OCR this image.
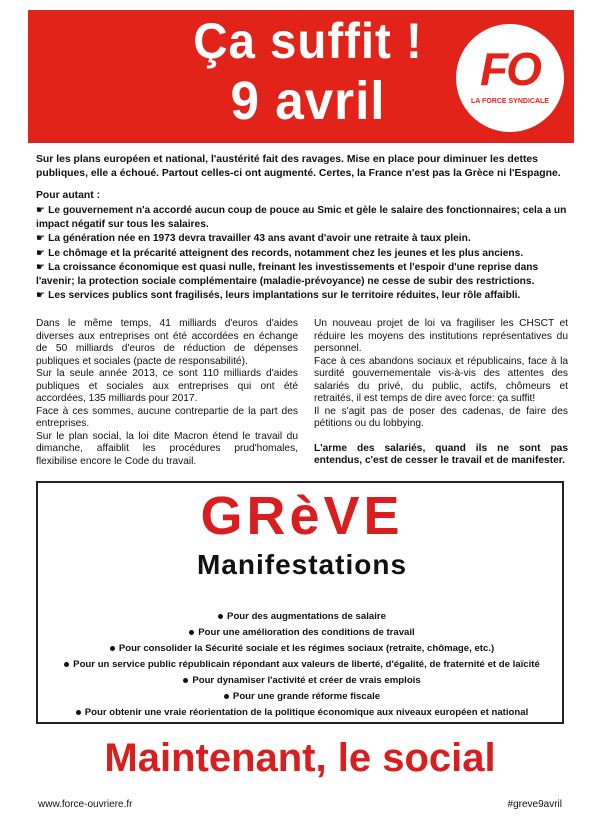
Ça suffit !
9 avril
FO
LA FORCE SYNDICALE
Sur les plans européen et national, l'austérité fait des ravages. Mise en place pour diminuer les dettes publiques, elle a échoué. Partout celles-ci ont augmenté. Certes, la France n'est pas la Grèce ni l'Espagne.
Pour autant :
☛ Le gouvernement n'a accordé aucun coup de pouce au Smic et gèle le salaire des fonctionnaires; cela a un impact négatif sur tous les salaires.
☛ La génération née en 1973 devra travailler 43 ans avant d'avoir une retraite à taux plein.
☛ Le chômage et la précarité atteignent des records, notamment chez les jeunes et les plus anciens.
☛ La croissance économique est quasi nulle, freinant les investissements et l'espoir d'une reprise dans l'avenir; la protection sociale complémentaire (maladie-prévoyance) ne cesse de subir des restrictions.
☛ Les services publics sont fragilisés, leurs implantations sur le territoire réduites, leur rôle affaibli.

Dans le même temps, 41 milliards d'euros d'aides diverses aux entreprises ont été accordées en échange de 50 milliards d'euros de réduction de dépenses publiques et sociales (pacte de responsabilité).

Sur la seule année 2013, ce sont 110 milliards d'aides publiques et sociales aux entreprises qui ont été accordées, 135 milliards pour 2017.

Face à ces sommes, aucune contrepartie de la part des entreprises.

Sur le plan social, la loi dite Macron étend le travail du dimanche, affaiblit les procédures prud'homales, flexibilise encore le Code du travail.

Un nouveau projet de loi va fragiliser les CHSCT et réduire les moyens des institutions représentatives du personnel.

Face à ces abandons sociaux et républicains, face à la surdité gouvernementale vis-à-vis des attentes des salariés du privé, du public, actifs, chômeurs et retraités, il est temps de dire avec force: ça suffit!

Il ne s'agit pas de poser des cadenas, de faire des pétitions ou du lobbying.

L'arme des salariés, quand ils ne sont pas entendus, c'est de cesser le travail et de manifester.

GRèVE
Manifestations
Pour des augmentations de salaire
Pour une amélioration des conditions de travail
Pour consolider la Sécurité sociale et les régimes sociaux (retraite, chômage, etc.)
Pour un service public républicain répondant aux valeurs de liberté, d'égalité, de fraternité et de laïcité
Pour dynamiser l'activité et créer de vrais emplois
Pour une grande réforme fiscale
Pour obtenir une vraie réorientation de la politique économique aux niveaux européen et national
Maintenant, le social
www.force-ouvriere.fr	#greve9avril
